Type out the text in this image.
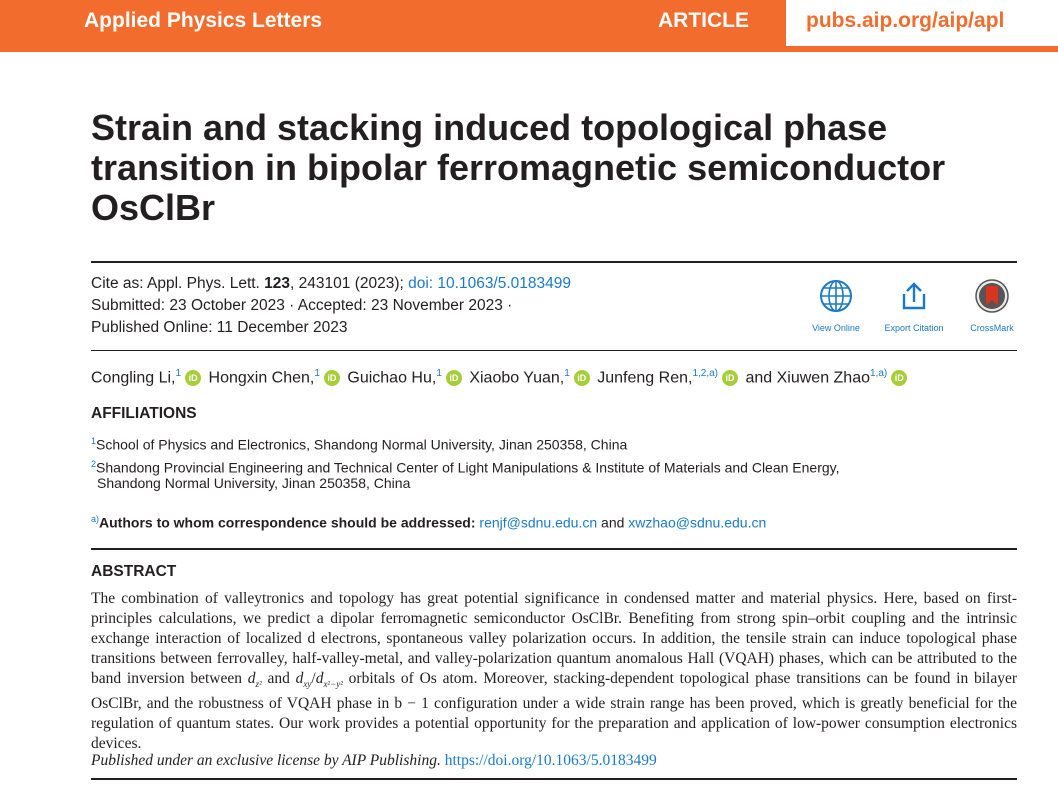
Applied Physics Letters	ARTICLE	pubs.aip.org/aip/apl
Strain and stacking induced topological phase transition in bipolar ferromagnetic semiconductor OsClBr
Cite as: Appl. Phys. Lett. 123, 243101 (2023); doi: 10.1063/5.0183499
Submitted: 23 October 2023 · Accepted: 23 November 2023 ·
Published Online: 11 December 2023	View Online	Export Citation	CrossMark
Congling Li,$^1$ iD Hongxin Chen,$^1$ iD Guichao Hu,$^1$ iD Xiaobo Yuan,$^1$ iD Junfeng Ren,$^{1,2,a)}$ iD and Xiuwen Zhao$^{1,a)}$ iD
AFFILIATIONS
$^1$School of Physics and Electronics, Shandong Normal University, Jinan 250358, China
$^2$Shandong Provincial Engineering and Technical Center of Light Manipulations & Institute of Materials and Clean Energy,
Shandong Normal University, Jinan 250358, China
$^{a)}$Authors to whom correspondence should be addressed: renjf@sdnu.edu.cn and xwzhao@sdnu.edu.cn
ABSTRACT
The combination of valleytronics and topology has great potential significance in condensed matter and material physics. Here, based on first-principles calculations, we predict a dipolar ferromagnetic semiconductor OsClBr. Benefiting from strong spin–orbit coupling and the intrinsic exchange interaction of localized d electrons, spontaneous valley polarization occurs. In addition, the tensile strain can induce topological phase transitions between ferrovalley, half-valley-metal, and valley-polarization quantum anomalous Hall (VQAH) phases, which can be attributed to the band inversion between $d_{z^2}$ and $d_{xy}/d_{x^2-y^2}$ orbitals of Os atom. Moreover, stacking-dependent topological phase transitions can be found in bilayer OsClBr, and the robustness of VQAH phase in b − 1 configuration under a wide strain range has been proved, which is greatly beneficial for the regulation of quantum states. Our work provides a potential opportunity for the preparation and application of low-power consumption electronics devices.
Published under an exclusive license by AIP Publishing. https://doi.org/10.1063/5.0183499
